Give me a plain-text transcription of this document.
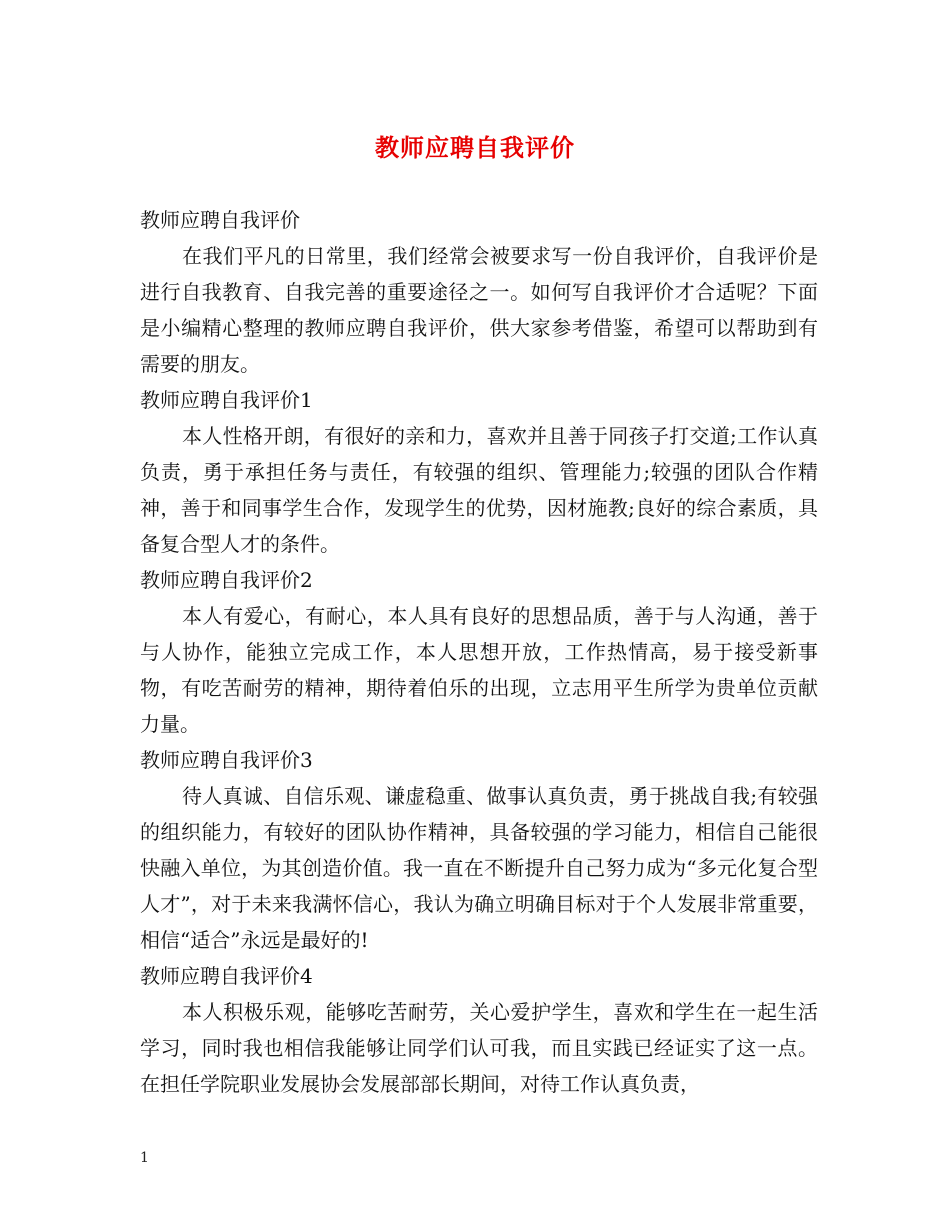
教师应聘自我评价

教师应聘自我评价

在我们平凡的日常里，我们经常会被要求写一份自我评价，自我评价是进行自我教育、自我完善的重要途径之一。如何写自我评价才合适呢？下面是小编精心整理的教师应聘自我评价，供大家参考借鉴，希望可以帮助到有需要的朋友。

教师应聘自我评价1

本人性格开朗，有很好的亲和力，喜欢并且善于同孩子打交道;工作认真负责，勇于承担任务与责任，有较强的组织、管理能力;较强的团队合作精神，善于和同事学生合作，发现学生的优势，因材施教;良好的综合素质，具备复合型人才的条件。

教师应聘自我评价2

本人有爱心，有耐心，本人具有良好的思想品质，善于与人沟通，善于与人协作，能独立完成工作，本人思想开放，工作热情高，易于接受新事物，有吃苦耐劳的精神，期待着伯乐的出现，立志用平生所学为贵单位贡献力量。

教师应聘自我评价3

待人真诚、自信乐观、谦虚稳重、做事认真负责，勇于挑战自我;有较强的组织能力，有较好的团队协作精神，具备较强的学习能力，相信自己能很快融入单位，为其创造价值。我一直在不断提升自己努力成为“多元化复合型人才”，对于未来我满怀信心，我认为确立明确目标对于个人发展非常重要，相信“适合”永远是最好的!

教师应聘自我评价4

本人积极乐观，能够吃苦耐劳，关心爱护学生，喜欢和学生在一起生活学习，同时我也相信我能够让同学们认可我，而且实践已经证实了这一点。在担任学院职业发展协会发展部部长期间，对待工作认真负责，

1
